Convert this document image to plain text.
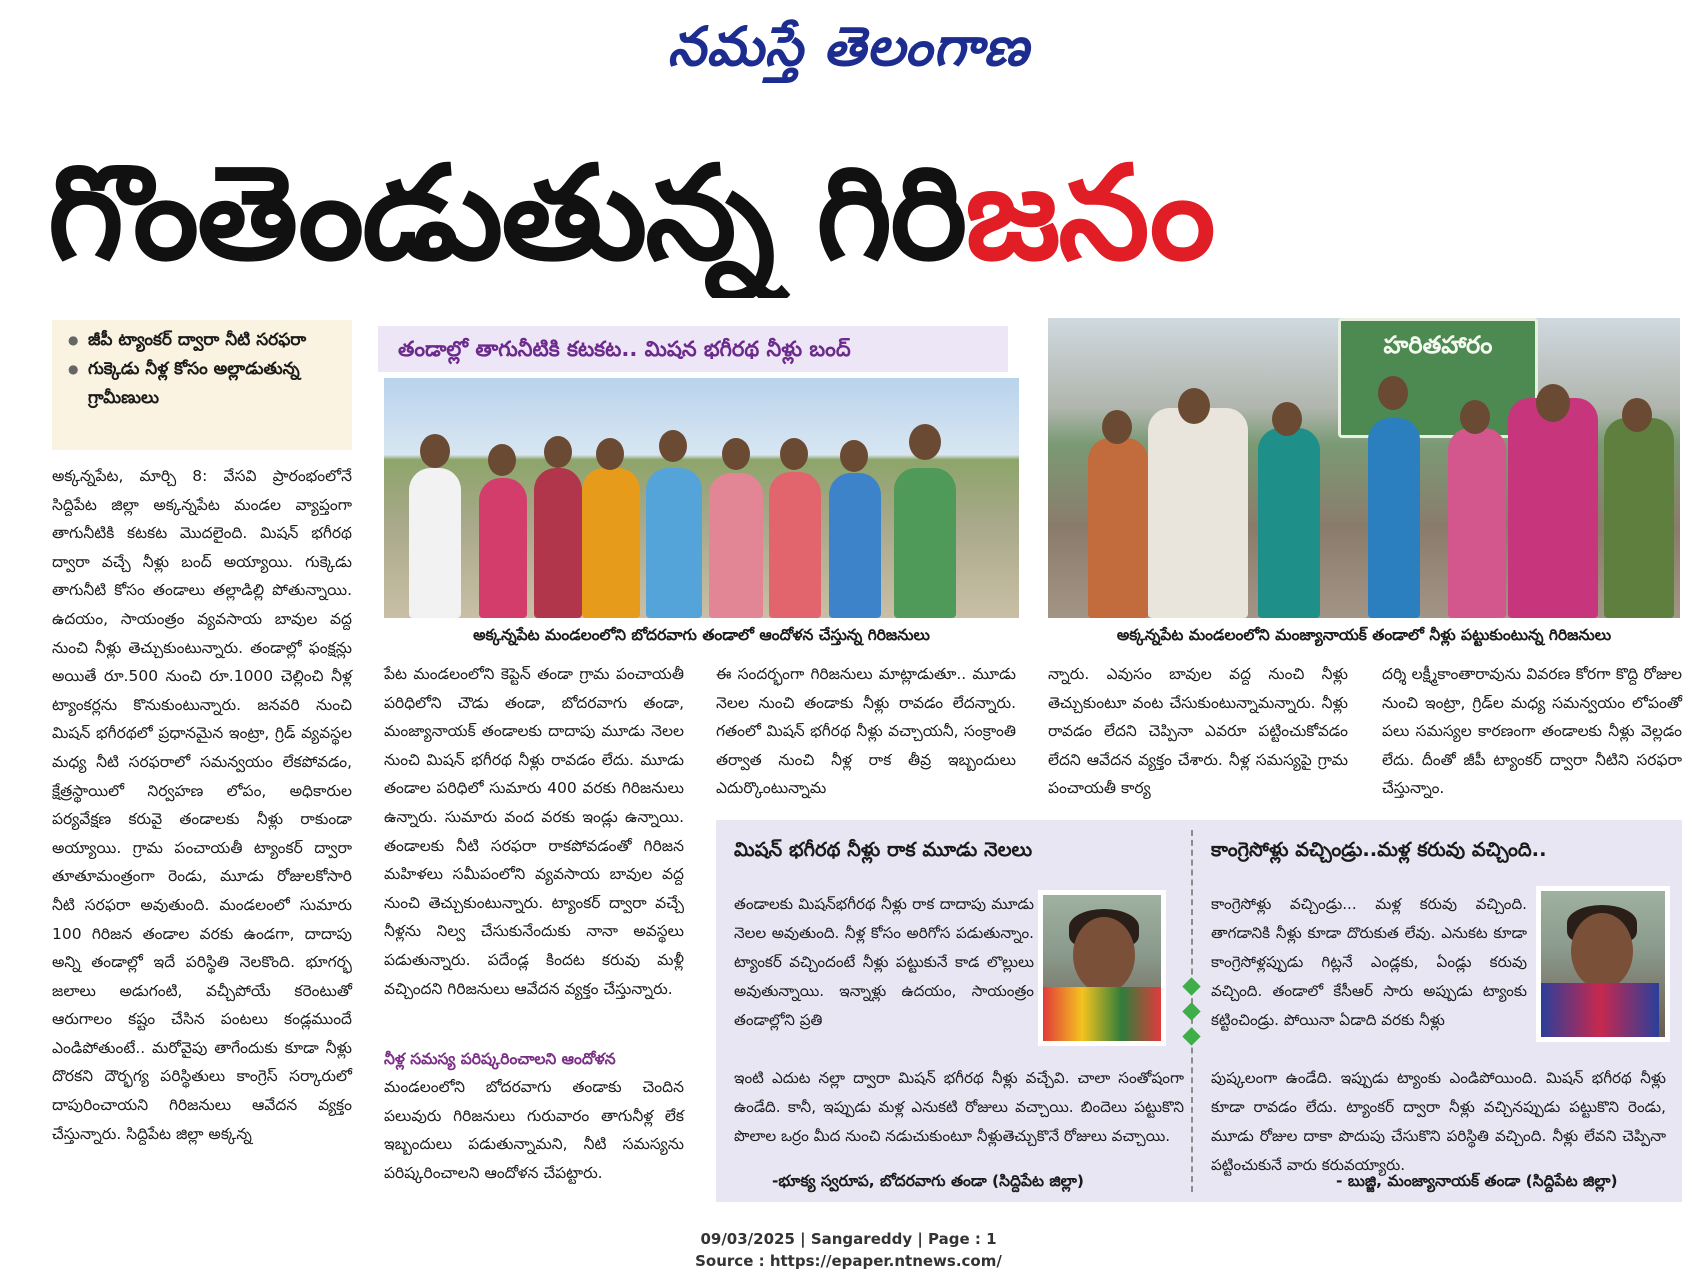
నమస్తే తెలంగాణ
గొంతెండుతున్న గిరిజనం
● జీపీ ట్యాంకర్ ద్వారా నీటి సరఫరా
● గుక్కెడు నీళ్ల కోసం అల్లాడుతున్న గ్రామీణులు
అక్కన్నపేట, మార్చి 8: వేసవి ప్రారంభంలోనే సిద్దిపేట జిల్లా అక్కన్నపేట మండల వ్యాప్తంగా తాగునీటికి కటకట మొదలైంది. మిషన్ భగీరథ ద్వారా వచ్చే నీళ్లు బంద్ అయ్యాయి. గుక్కెడు తాగునీటి కోసం తండాలు తల్లాడిల్లి పోతున్నాయి. ఉదయం, సాయంత్రం వ్యవసాయ బావుల వద్ద నుంచి నీళ్లు తెచ్చుకుంటున్నారు. తండాల్లో ఫంక్షన్లు అయితే రూ.500 నుంచి రూ.1000 చెల్లించి నీళ్ల ట్యాంకర్లను కొనుకుంటున్నారు. జనవరి నుంచి మిషన్ భగీరథలో ప్రధానమైన ఇంట్రా, గ్రిడ్ వ్యవస్థల మధ్య నీటి సరఫరాలో సమన్వయం లేకపోవడం, క్షేత్రస్థాయిలో నిర్వహణ లోపం, అధికారుల పర్యవేక్షణ కరువై తండాలకు నీళ్లు రాకుండా అయ్యాయి. గ్రామ పంచాయతీ ట్యాంకర్ ద్వారా తూతూమంత్రంగా రెండు, మూడు రోజులకోసారి నీటి సరఫరా అవుతుంది. మండలంలో సుమారు 100 గిరిజన తండాల వరకు ఉండగా, దాదాపు అన్ని తండాల్లో ఇదే పరిస్థితి నెలకొంది. భూగర్భ జలాలు అడుగంటి, వచ్చీపోయే కరెంటుతో ఆరుగాలం కష్టం చేసిన పంటలు కండ్లముందే ఎండిపోతుంటే.. మరోవైపు తాగేందుకు కూడా నీళ్లు దొరకని దౌర్భగ్య పరిస్థితులు కాంగ్రెస్ సర్కారులో దాపురించాయని గిరిజనులు ఆవేదన వ్యక్తం చేస్తున్నారు. సిద్దిపేట జిల్లా అక్కన్న
తండాల్లో తాగునీటికి కటకట.. మిషన భగీరథ నీళ్లు బంద్	హరితహారం
అక్కన్నపేట మండలంలోని బోదరవాగు తండాలో ఆందోళన చేస్తున్న గిరిజనులు	అక్కన్నపేట మండలంలోని మంజ్యానాయక్ తండాలో నీళ్లు పట్టుకుంటున్న గిరిజనులు
పేట మండలంలోని కెప్టెన్ తండా గ్రామ పంచాయతీ పరిధిలోని చౌడు తండా, బోదరవాగు తండా, మంజ్యానాయక్ తండాలకు దాదాపు మూడు నెలల నుంచి మిషన్ భగీరథ నీళ్లు రావడం లేదు. మూడు తండాల పరిధిలో సుమారు 400 వరకు గిరిజనులు ఉన్నారు. సుమారు వంద వరకు ఇండ్లు ఉన్నాయి. తండాలకు నీటి సరఫరా రాకపోవడంతో గిరిజన మహిళలు సమీపంలోని వ్యవసాయ బావుల వద్ద నుంచి తెచ్చుకుంటున్నారు. ట్యాంకర్ ద్వారా వచ్చే నీళ్లను నిల్వ చేసుకునేందుకు నానా అవస్థలు పడుతున్నారు. పదేండ్ల కిందట కరువు మళ్లీ వచ్చిందని గిరిజనులు ఆవేదన వ్యక్తం చేస్తున్నారు.
నీళ్ల సమస్య పరిష్కరించాలని ఆందోళన
మండలంలోని బోదరవాగు తండాకు చెందిన పలువురు గిరిజనులు గురువారం తాగునీళ్ల లేక ఇబ్బందులు పడుతున్నామని, నీటి సమస్యను పరిష్కరించాలని ఆందోళన చేపట్టారు.
ఈ సందర్భంగా గిరిజనులు మాట్లాడుతూ.. మూడు నెలల నుంచి తండాకు నీళ్లు రావడం లేదన్నారు. గతంలో మిషన్ భగీరథ నీళ్లు వచ్చాయనీ, సంక్రాంతి తర్వాత నుంచి నీళ్ల రాక తీవ్ర ఇబ్బందులు ఎదుర్కొంటున్నామ
న్నారు. ఎవుసం బావుల వద్ద నుంచి నీళ్లు తెచ్చుకుంటూ వంట చేసుకుంటున్నామన్నారు. నీళ్లు రావడం లేదని చెప్పినా ఎవరూ పట్టించుకోవడం లేదని ఆవేదన వ్యక్తం చేశారు. నీళ్ల సమస్యపై గ్రామ పంచాయతీ కార్య
దర్శి లక్ష్మీకాంతారావును వివరణ కోరగా కొద్ది రోజుల నుంచి ఇంట్రా, గ్రిడ్‌ల మధ్య సమన్వయం లోపంతో పలు సమస్యల కారణంగా తండాలకు నీళ్లు వెల్లడం లేదు. దీంతో జీపీ ట్యాంకర్ ద్వారా నీటిని సరఫరా చేస్తున్నాం.
మిషన్ భగీరథ నీళ్లు రాక మూడు నెలలు
తండాలకు మిషన్‌భగీరథ నీళ్లు రాక దాదాపు మూడు నెలల అవుతుంది. నీళ్ల కోసం అరిగోస పడుతున్నాం. ట్యాంకర్ వచ్చిందంటే నీళ్లు పట్టుకునే కాడ లొల్లులు అవుతున్నాయి. ఇన్నాళ్లు ఉదయం, సాయంత్రం తండాల్లోని ప్రతి
ఇంటి ఎదుట నల్లా ద్వారా మిషన్ భగీరథ నీళ్లు వచ్చేవి. చాలా సంతోషంగా ఉండేది. కానీ, ఇప్పుడు మళ్ల ఎనుకటి రోజులు వచ్చాయి. బిందెలు పట్టుకొని పొలాల ఒర్రం మీద నుంచి నడుచుకుంటూ నీళ్లుతెచ్చుకొనే రోజులు వచ్చాయి.
-భూక్య స్వరూప, బోదరవాగు తండా (సిద్దిపేట జిల్లా)
కాంగ్రెసోళ్లు వచ్చిండ్రు..మళ్ల కరువు వచ్చింది..
కాంగ్రెసోళ్లు వచ్చిండ్రు... మళ్ల కరువు వచ్చింది. తాగడానికి నీళ్లు కూడా దొరుకుత లేవు. ఎనుకట కూడా కాంగ్రెసోళ్లప్పుడు గిట్లనే ఎండ్లకు, ఏండ్లు కరువు వచ్చింది. తండాలో కేసీఆర్ సారు అప్పుడు ట్యాంకు కట్టించిండ్రు. పోయినా ఏడాది వరకు నీళ్లు
పుష్కలంగా ఉండేది. ఇప్పుడు ట్యాంకు ఎండిపోయింది. మిషన్ భగీరథ నీళ్లు కూడా రావడం లేదు. ట్యాంకర్ ద్వారా నీళ్లు వచ్చినప్పుడు పట్టుకొని రెండు, మూడు రోజుల దాకా పొదుపు చేసుకొని పరిస్థితి వచ్చింది. నీళ్లు లేవని చెప్పినా పట్టించుకునే వారు కరువయ్యారు.
- బుజ్జి, మంజ్యానాయక్ తండా (సిద్దిపేట జిల్లా)
09/03/2025 | Sangareddy | Page : 1
Source : https://epaper.ntnews.com/
